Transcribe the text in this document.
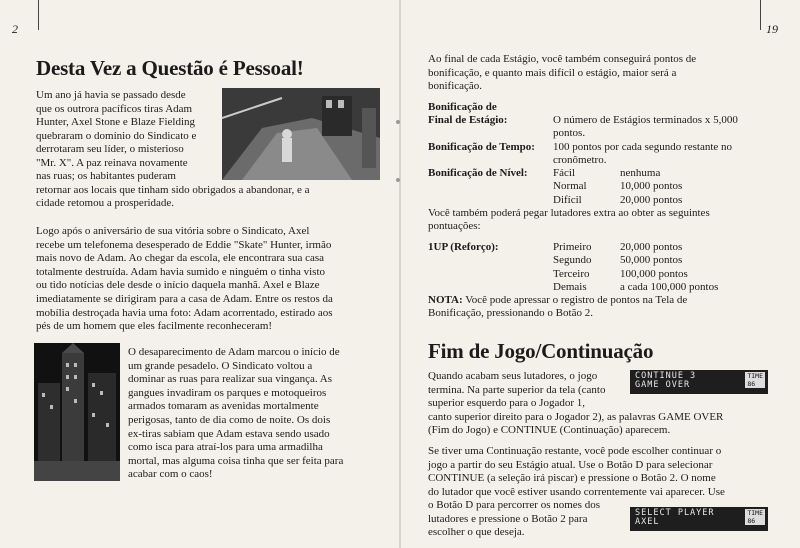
2
Desta Vez a Questão é Pessoal!
Um ano já havia se passado desde
que os outrora pacíficos tiras Adam
Hunter, Axel Stone e Blaze Fielding
quebraram o domínio do Sindicato e
derrotaram seu líder, o misterioso
"Mr. X". A paz reinava novamente
nas ruas; os habitantes puderam
retornar aos locais que tinham sido obrigados a abandonar, e a
cidade retomou a prosperidade.
Logo após o aniversário de sua vitória sobre o Sindicato, Axel
recebe um telefonema desesperado de Eddie "Skate" Hunter, irmão
mais novo de Adam. Ao chegar da escola, ele encontrara sua casa
totalmente destruída. Adam havia sumido e ninguém o tinha visto
ou tido notícias dele desde o início daquela manhã. Axel e Blaze
imediatamente se dirigiram para a casa de Adam. Entre os restos da
mobília destroçada havia uma foto: Adam acorrentado, estirado aos
pés de um homem que eles facilmente reconheceram!
O desaparecimento de Adam marcou o início de
um grande pesadelo. O Sindicato voltou a
dominar as ruas para realizar sua vingança. As
gangues invadiram os parques e motoqueiros
armados tomaram as avenidas mortalmente
perigosas, tanto de dia como de noite. Os dois
ex-tiras sabiam que Adam estava sendo usado
como isca para atraí-los para uma armadilha
mortal, mas alguma coisa tinha que ser feita para
acabar com o caos!
19
Ao final de cada Estágio, você também conseguirá pontos de
bonificação, e quanto mais difícil o estágio, maior será a
bonificação.
Bonificação de
Final de Estágio:	O número de Estágios terminados x 5,000
pontos.
Bonificação de Tempo: 100 pontos por cada segundo restante no
cronômetro.
Bonificação de Nível: Fácil	nenhuma
Normal	10,000 pontos
Difícil	20,000 pontos
Você também poderá pegar lutadores extra ao obter as seguintes
pontuações:
1UP (Reforço):	Primeiro	20,000 pontos
Segundo	50,000 pontos
Terceiro	100,000 pontos
Demais	a cada 100,000 pontos
NOTA: Você pode apressar o registro de pontos na Tela de
Bonificação, pressionando o Botão 2.
Fim de Jogo/Continuação
Quando acabam seus lutadores, o jogo
termina. Na parte superior da tela (canto
superior esquerdo para o Jogador 1,
canto superior direito para o Jogador 2), as palavras GAME OVER
(Fim do Jogo) e CONTINUE (Continuação) aparecem.
CONTINUE 3
GAME OVER
TIME
86
Se tiver uma Continuação restante, você pode escolher continuar o
jogo a partir do seu Estágio atual. Use o Botão D para selecionar
CONTINUE (a seleção irá piscar) e pressione o Botão 2. O nome
do lutador que você estiver usando correntemente vai aparecer. Use
o Botão D para percorrer os nomes dos
lutadores e pressione o Botão 2 para
escolher o que deseja.
SELECT PLAYER
AXEL
TIME
86
